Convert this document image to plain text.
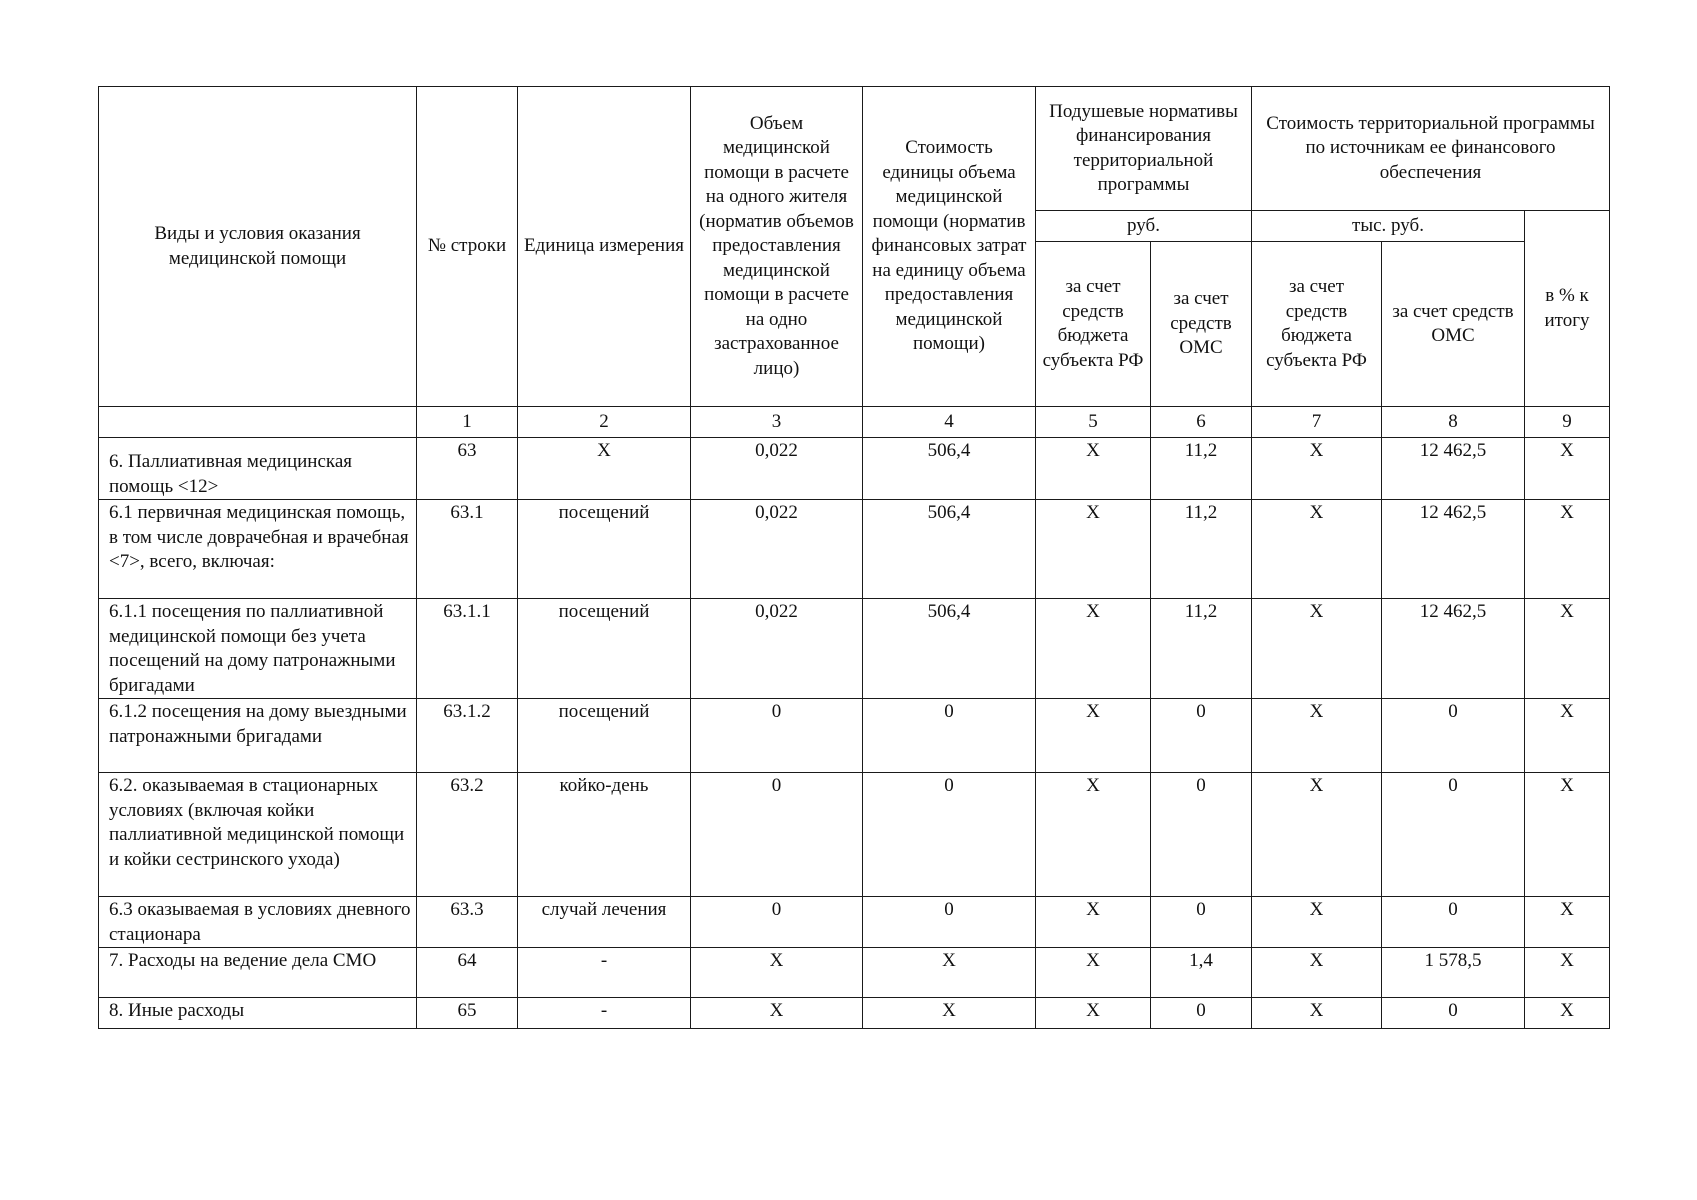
Виды и условия оказания медицинской помощи	№ строки	Единица измерения	Объем медицинской помощи в расчете на одного жителя (норматив объемов предоставления медицинской помощи в расчете на одно застрахованное лицо)	Стоимость единицы объема медицинской помощи (норматив финансовых затрат на единицу объема предоставления медицинской помощи)	Подушевые нормативы финансирования территориальной программы		Стоимость территориальной программы по источникам ее финансового обеспечения		
					руб.		тыс. руб.		в % к итогу
					за счет средств бюджета субъекта РФ	за счет средств ОМС	за счет средств бюджета субъекта РФ	за счет средств ОМС	
	1	2	3	4	5	6	7	8	9
6. Паллиативная медицинская помощь <12>	63	X	0,022	506,4	X	11,2	X	12 462,5	X
6.1 первичная медицинская помощь, в том числе доврачебная и врачебная <7>, всего, включая:	63.1	посещений	0,022	506,4	X	11,2	X	12 462,5	X
6.1.1 посещения по паллиативной медицинской помощи без учета посещений на дому патронажными бригадами	63.1.1	посещений	0,022	506,4	X	11,2	X	12 462,5	X
6.1.2 посещения на дому выездными патронажными бригадами	63.1.2	посещений	0	0	X	0	X	0	X
6.2. оказываемая в стационарных условиях (включая койки паллиативной медицинской помощи и койки сестринского ухода)	63.2	койко-день	0	0	X	0	X	0	X
6.3 оказываемая в условиях дневного стационара	63.3	случай лечения	0	0	X	0	X	0	X
7. Расходы на ведение дела СМО	64	-	X	X	X	1,4	X	1 578,5	X
8. Иные расходы	65	-	X	X	X	0	X	0	X
